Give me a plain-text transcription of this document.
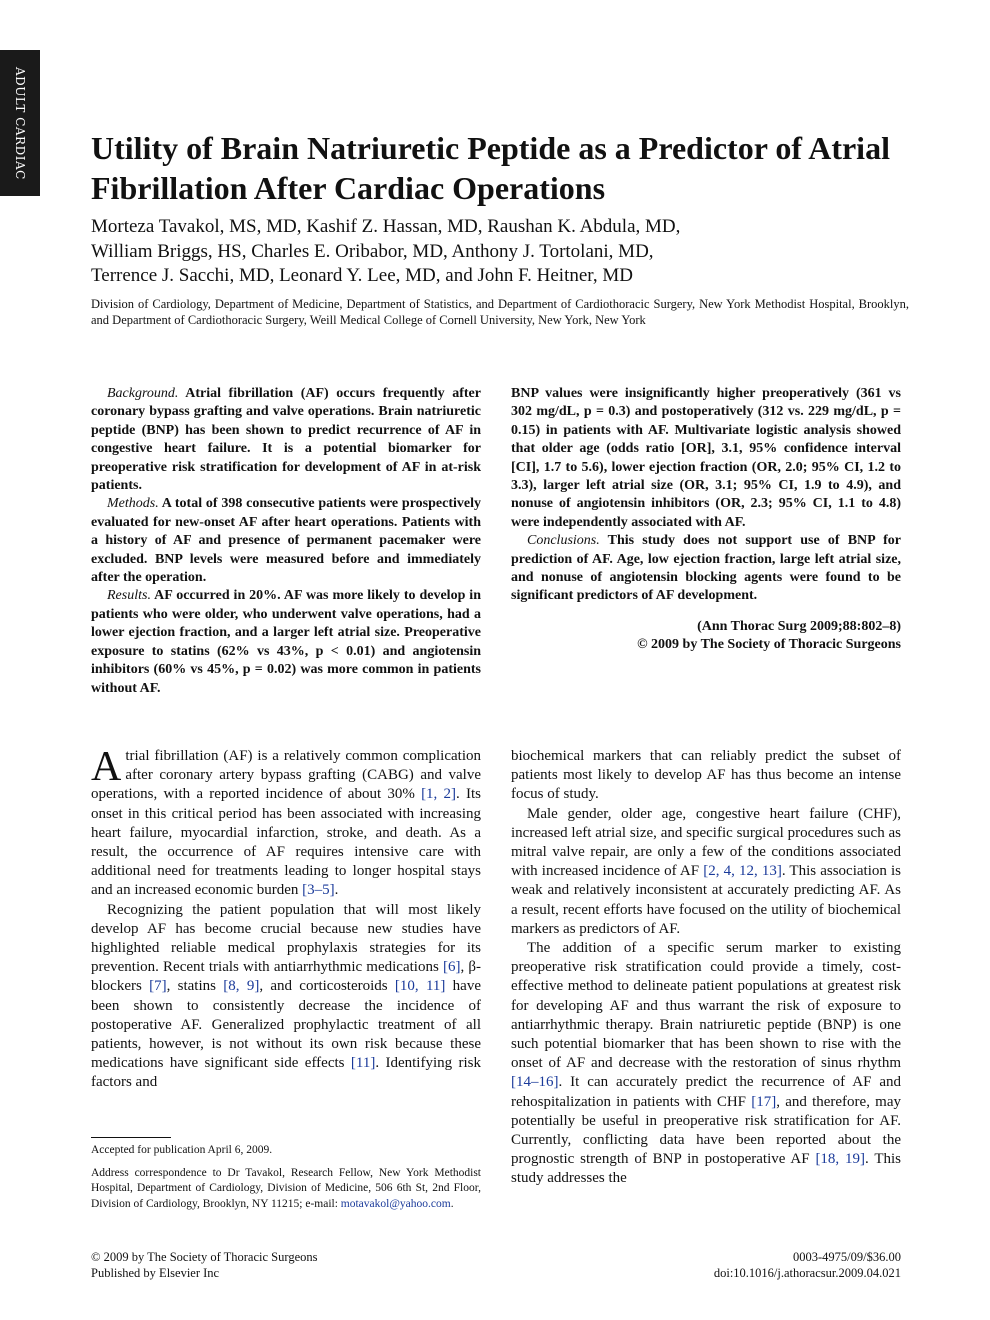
ADULT CARDIAC Utility of Brain Natriuretic Peptide as a Predictor of Atrial Fibrillation After Cardiac Operations
Morteza Tavakol, MS, MD, Kashif Z. Hassan, MD, Raushan K. Abdula, MD,
William Briggs, HS, Charles E. Oribabor, MD, Anthony J. Tortolani, MD,
Terrence J. Sacchi, MD, Leonard Y. Lee, MD, and John F. Heitner, MD
Division of Cardiology, Department of Medicine, Department of Statistics, and Department of Cardiothoracic Surgery, New York Methodist Hospital, Brooklyn, and Department of Cardiothoracic Surgery, Weill Medical College of Cornell University, New York, New York

Background. Atrial fibrillation (AF) occurs frequently after coronary bypass grafting and valve operations. Brain natriuretic peptide (BNP) has been shown to predict recurrence of AF in congestive heart failure. It is a potential biomarker for preoperative risk stratification for development of AF in at-risk patients.

Methods. A total of 398 consecutive patients were prospectively evaluated for new-onset AF after heart operations. Patients with a history of AF and presence of permanent pacemaker were excluded. BNP levels were measured before and immediately after the operation.

Results. AF occurred in 20%. AF was more likely to develop in patients who were older, who underwent valve operations, had a lower ejection fraction, and a larger left atrial size. Preoperative exposure to statins (62% vs 43%, p < 0.01) and angiotensin inhibitors (60% vs 45%, p = 0.02) was more common in patients without AF.

BNP values were insignificantly higher preoperatively (361 vs 302 mg/dL, p = 0.3) and postoperatively (312 vs. 229 mg/dL, p = 0.15) in patients with AF. Multivariate logistic analysis showed that older age (odds ratio [OR], 3.1, 95% confidence interval [CI], 1.7 to 5.6), lower ejection fraction (OR, 2.0; 95% CI, 1.2 to 3.3), larger left atrial size (OR, 3.1; 95% CI, 1.9 to 4.9), and nonuse of angiotensin inhibitors (OR, 2.3; 95% CI, 1.1 to 4.8) were independently associated with AF.

Conclusions. This study does not support use of BNP for prediction of AF. Age, low ejection fraction, large left atrial size, and nonuse of angiotensin blocking agents were found to be significant predictors of AF development.

(Ann Thorac Surg 2009;88:802–8)
© 2009 by The Society of Thoracic Surgeons

Atrial fibrillation (AF) is a relatively common complication after coronary artery bypass grafting (CABG) and valve operations, with a reported incidence of about 30% [1, 2]. Its onset in this critical period has been associated with increasing heart failure, myocardial infarction, stroke, and death. As a result, the occurrence of AF requires intensive care with additional need for treatments leading to longer hospital stays and an increased economic burden [3–5].

Recognizing the patient population that will most likely develop AF has become crucial because new studies have highlighted reliable medical prophylaxis strategies for its prevention. Recent trials with antiarrhythmic medications [6], β-blockers [7], statins [8, 9], and corticosteroids [10, 11] have been shown to consistently decrease the incidence of postoperative AF. Generalized prophylactic treatment of all patients, however, is not without its own risk because these medications have significant side effects [11]. Identifying risk factors and

biochemical markers that can reliably predict the subset of patients most likely to develop AF has thus become an intense focus of study.

Male gender, older age, congestive heart failure (CHF), increased left atrial size, and specific surgical procedures such as mitral valve repair, are only a few of the conditions associated with increased incidence of AF [2, 4, 12, 13]. This association is weak and relatively inconsistent at accurately predicting AF. As a result, recent efforts have focused on the utility of biochemical markers as predictors of AF.

The addition of a specific serum marker to existing preoperative risk stratification could provide a timely, cost-effective method to delineate patient populations at greatest risk for developing AF and thus warrant the risk of exposure to antiarrhythmic therapy. Brain natriuretic peptide (BNP) is one such potential biomarker that has been shown to rise with the onset of AF and decrease with the restoration of sinus rhythm [14–16]. It can accurately predict the recurrence of AF and rehospitalization in patients with CHF [17], and therefore, may potentially be useful in preoperative risk stratification for AF. Currently, conflicting data have been reported about the prognostic strength of BNP in postoperative AF [18, 19]. This study addresses the

Accepted for publication April 6, 2009.
Address correspondence to Dr Tavakol, Research Fellow, New York Methodist Hospital, Department of Cardiology, Division of Medicine, 506 6th St, 2nd Floor, Division of Cardiology, Brooklyn, NY 11215; e-mail: motavakol@yahoo.com.
© 2009 by The Society of Thoracic Surgeons
Published by Elsevier Inc
0003-4975/09/$36.00
doi:10.1016/j.athoracsur.2009.04.021
